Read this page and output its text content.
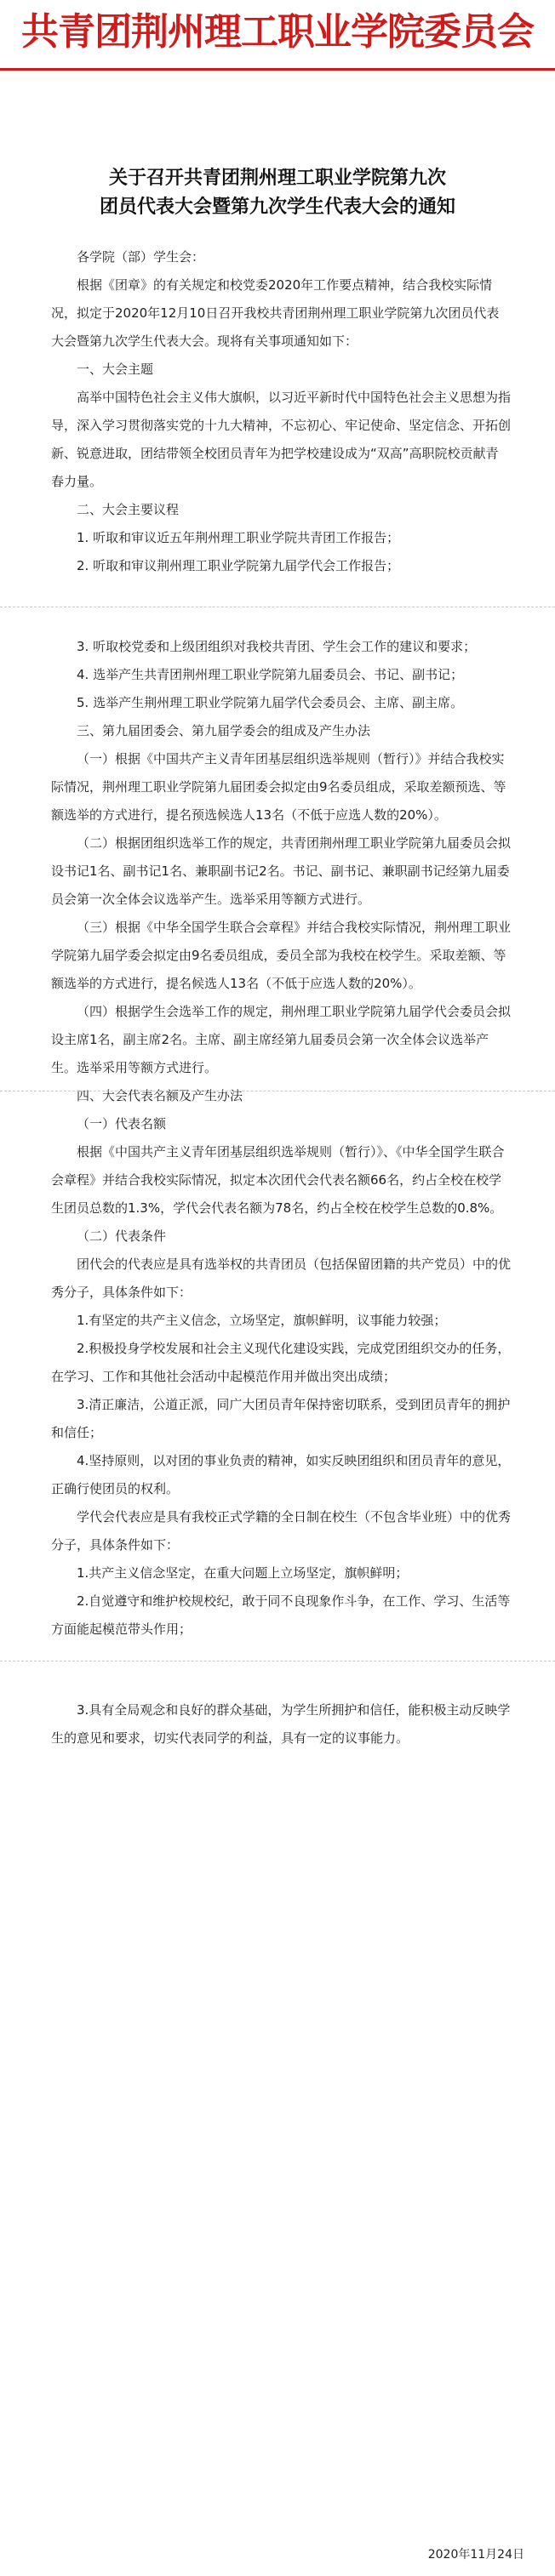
共青团荆州理工职业学院委员会
关于召开共青团荆州理工职业学院第九次
团员代表大会暨第九次学生代表大会的通知

各学院（部）学生会：

根据《团章》的有关规定和校党委2020年工作要点精神，结合我校实际情况，拟定于2020年12月10日召开我校共青团荆州理工职业学院第九次团员代表大会暨第九次学生代表大会。现将有关事项通知如下：

一、大会主题

高举中国特色社会主义伟大旗帜，以习近平新时代中国特色社会主义思想为指导，深入学习贯彻落实党的十九大精神，不忘初心、牢记使命、坚定信念、开拓创新、锐意进取，团结带领全校团员青年为把学校建设成为“双高”高职院校贡献青春力量。

二、大会主要议程

1. 听取和审议近五年荆州理工职业学院共青团工作报告；

2. 听取和审议荆州理工职业学院第九届学代会工作报告；

3. 听取校党委和上级团组织对我校共青团、学生会工作的建议和要求；

4. 选举产生共青团荆州理工职业学院第九届委员会、书记、副书记；

5. 选举产生荆州理工职业学院第九届学代会委员会、主席、副主席。

三、第九届团委会、第九届学委会的组成及产生办法

（一）根据《中国共产主义青年团基层组织选举规则（暂行）》并结合我校实际情况，荆州理工职业学院第九届团委会拟定由9名委员组成，采取差额预选、等额选举的方式进行，提名预选候选人13名（不低于应选人数的20%）。

（二）根据团组织选举工作的规定，共青团荆州理工职业学院第九届委员会拟设书记1名、副书记1名、兼职副书记2名。书记、副书记、兼职副书记经第九届委员会第一次全体会议选举产生。选举采用等额方式进行。

（三）根据《中华全国学生联合会章程》并结合我校实际情况，荆州理工职业学院第九届学委会拟定由9名委员组成，委员全部为我校在校学生。采取差额、等额选举的方式进行，提名候选人13名（不低于应选人数的20%）。

（四）根据学生会选举工作的规定，荆州理工职业学院第九届学代会委员会拟设主席1名，副主席2名。主席、副主席经第九届委员会第一次全体会议选举产生。选举采用等额方式进行。

四、大会代表名额及产生办法

（一）代表名额

根据《中国共产主义青年团基层组织选举规则（暂行）》、《中华全国学生联合会章程》并结合我校实际情况，拟定本次团代会代表名额66名，约占全校在校学生团员总数的1.3%，学代会代表名额为78名，约占全校在校学生总数的0.8%。

（二）代表条件

团代会的代表应是具有选举权的共青团员（包括保留团籍的共产党员）中的优秀分子，具体条件如下：

1.有坚定的共产主义信念，立场坚定，旗帜鲜明，议事能力较强；

2.积极投身学校发展和社会主义现代化建设实践，完成党团组织交办的任务，在学习、工作和其他社会活动中起模范作用并做出突出成绩；

3.清正廉洁，公道正派，同广大团员青年保持密切联系，受到团员青年的拥护和信任；

4.坚持原则，以对团的事业负责的精神，如实反映团组织和团员青年的意见，正确行使团员的权利。

学代会代表应是具有我校正式学籍的全日制在校生（不包含毕业班）中的优秀分子，具体条件如下：

1.共产主义信念坚定，在重大问题上立场坚定，旗帜鲜明；

2.自觉遵守和维护校规校纪，敢于同不良现象作斗争，在工作、学习、生活等方面能起模范带头作用；

3.具有全局观念和良好的群众基础，为学生所拥护和信任，能积极主动反映学生的意见和要求，切实代表同学的利益，具有一定的议事能力。

2020年11月24日
